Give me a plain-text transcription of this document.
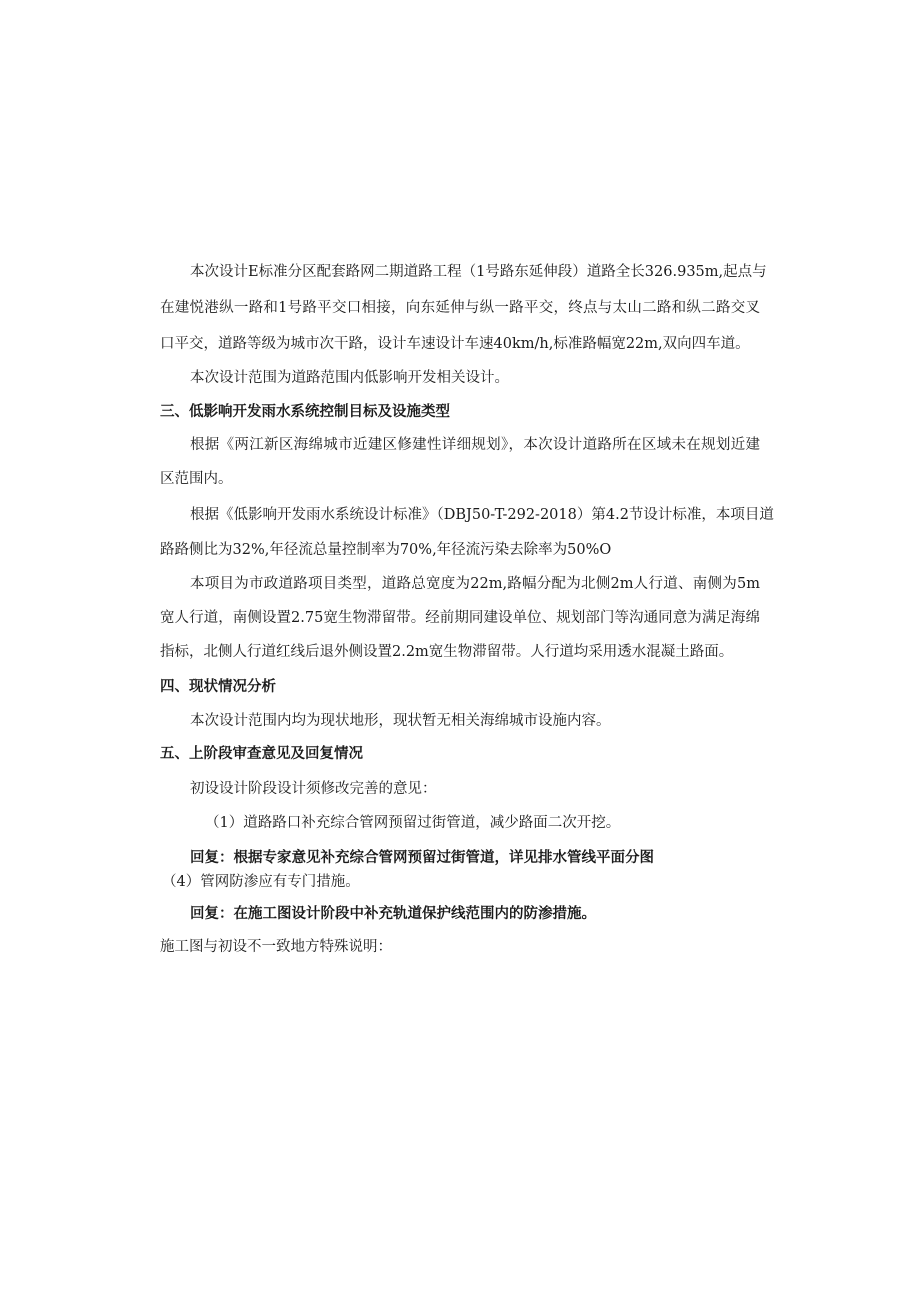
本次设计E标准分区配套路网二期道路工程（1号路东延伸段）道路全长326.935m,起点与
在建悦港纵一路和1号路平交口相接，向东延伸与纵一路平交，终点与太山二路和纵二路交叉
口平交，道路等级为城市次干路，设计车速设计车速40km/h,标准路幅宽22m,双向四车道。
本次设计范围为道路范围内低影响开发相关设计。
三、低影响开发雨水系统控制目标及设施类型
根据《两江新区海绵城市近建区修建性详细规划》，本次设计道路所在区域未在规划近建
区范围内。
根据《低影响开发雨水系统设计标准》（DBJ50-T-292-2018）第4.2节设计标准，本项目道
路路侧比为32%,年径流总量控制率为70%,年径流污染去除率为50%O
本项目为市政道路项目类型，道路总宽度为22m,路幅分配为北侧2m人行道、南侧为5m
宽人行道，南侧设置2.75宽生物滞留带。经前期同建设单位、规划部门等沟通同意为满足海绵
指标，北侧人行道红线后退外侧设置2.2m宽生物滞留带。人行道均采用透水混凝土路面。
四、现状情况分析
本次设计范围内均为现状地形，现状暂无相关海绵城市设施内容。
五、上阶段审查意见及回复情况
初设设计阶段设计须修改完善的意见：
（1）道路路口补充综合管网预留过街管道，减少路面二次开挖。
回复：根据专家意见补充综合管网预留过街管道，详见排水管线平面分图
（4）管网防渗应有专门措施。
回复：在施工图设计阶段中补充轨道保护线范围内的防渗措施。
施工图与初设不一致地方特殊说明：
